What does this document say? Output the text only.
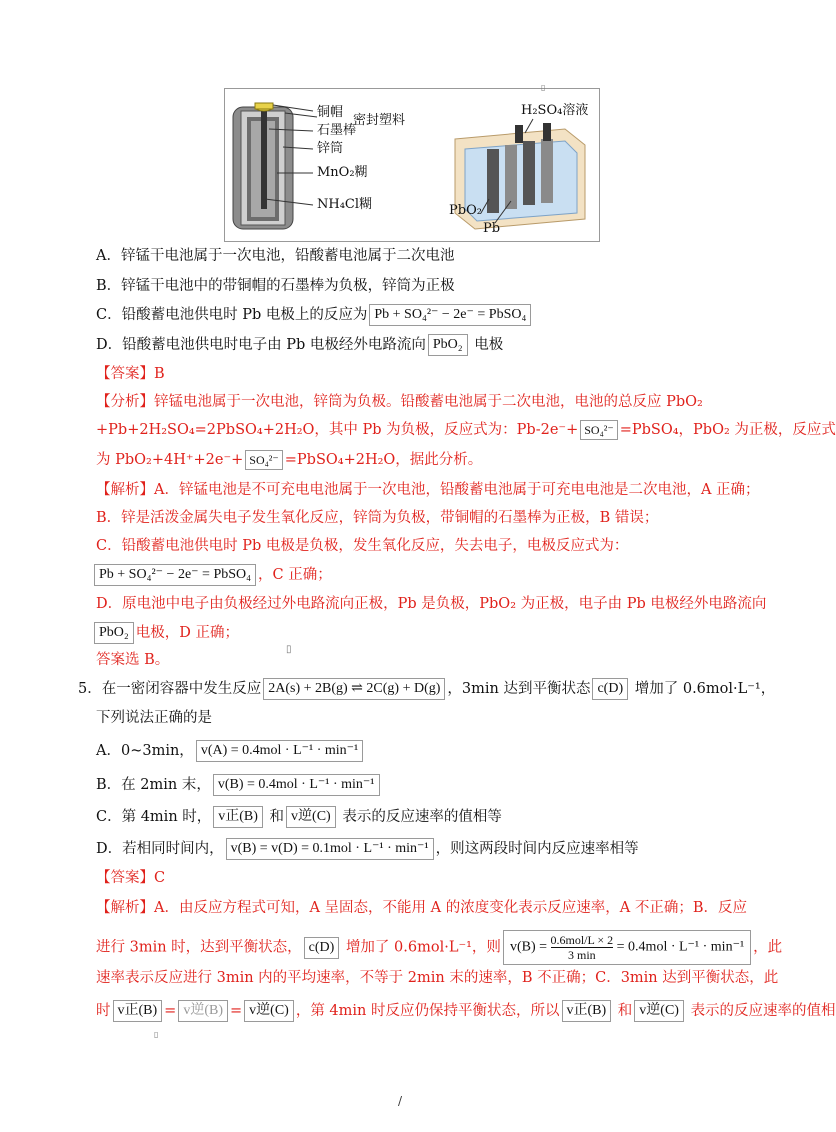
▯
铜帽
密封塑料
石墨棒
锌筒
MnO₂糊
NH₄Cl糊
H₂SO₄溶液
PbO₂
Pb
A．锌锰干电池属于一次电池，铅酸蓄电池属于二次电池
B．锌锰干电池中的带铜帽的石墨棒为负极，锌筒为正极
C．铅酸蓄电池供电时 Pb 电极上的反应为 Pb + SO₄²⁻ − 2e⁻ = PbSO₄
D．铅酸蓄电池供电时电子由 Pb 电极经外电路流向 PbO₂ 电极
【答案】B
【分析】锌锰电池属于一次电池，锌筒为负极。铅酸蓄电池属于二次电池，电池的总反应 PbO₂
+Pb+2H₂SO₄=2PbSO₄+2H₂O，其中 Pb 为负极，反应式为：Pb-2e⁻+ SO₄²⁻ =PbSO₄，PbO₂ 为正极，反应式
为 PbO₂+4H⁺+2e⁻+ SO₄²⁻ =PbSO₄+2H₂O，据此分析。
【解析】A．锌锰电池是不可充电电池属于一次电池，铅酸蓄电池属于可充电电池是二次电池，A 正确；
B．锌是活泼金属失电子发生氧化反应，锌筒为负极，带铜帽的石墨棒为正极，B 错误；
C．铅酸蓄电池供电时 Pb 电极是负极，发生氧化反应，失去电子，电极反应式为：
Pb + SO₄²⁻ − 2e⁻ = PbSO₄ ，C 正确；
D．原电池中电子由负极经过外电路流向正极，Pb 是负极，PbO₂ 为正极，电子由 Pb 电极经外电路流向
PbO₂ 电极，D 正确；
答案选 B。
▯
5．在一密闭容器中发生反应 2A(s) + 2B(g) ⇌ 2C(g) + D(g) ，3min 达到平衡状态 c(D) 增加了 0.6mol·L⁻¹，
下列说法正确的是
A．0~3min， v(A) = 0.4mol · L⁻¹ · min⁻¹
B．在 2min 末， v(B) = 0.4mol · L⁻¹ · min⁻¹
C．第 4min 时， v正(B) 和 v逆(C) 表示的反应速率的值相等
D．若相同时间内， v(B) = v(D) = 0.1mol · L⁻¹ · min⁻¹ ，则这两段时间内反应速率相等
【答案】C
【解析】A．由反应方程式可知，A 呈固态，不能用 A 的浓度变化表示反应速率，A 不正确；B．反应
进行 3min 时，达到平衡状态， c(D) 增加了 0.6mol·L⁻¹，则 v(B) = 0.6mol/L × 2
3 min
= 0.4mol · L⁻¹ · min⁻¹ ，此
速率表示反应进行 3min 内的平均速率，不等于 2min 末的速率，B 不正确；C．3min 达到平衡状态，此
时 v正(B) = v逆(B) = v逆(C) ，第 4min 时反应仍保持平衡状态，所以 v正(B) 和 v逆(C) 表示的反应速率的值相
▯
/
